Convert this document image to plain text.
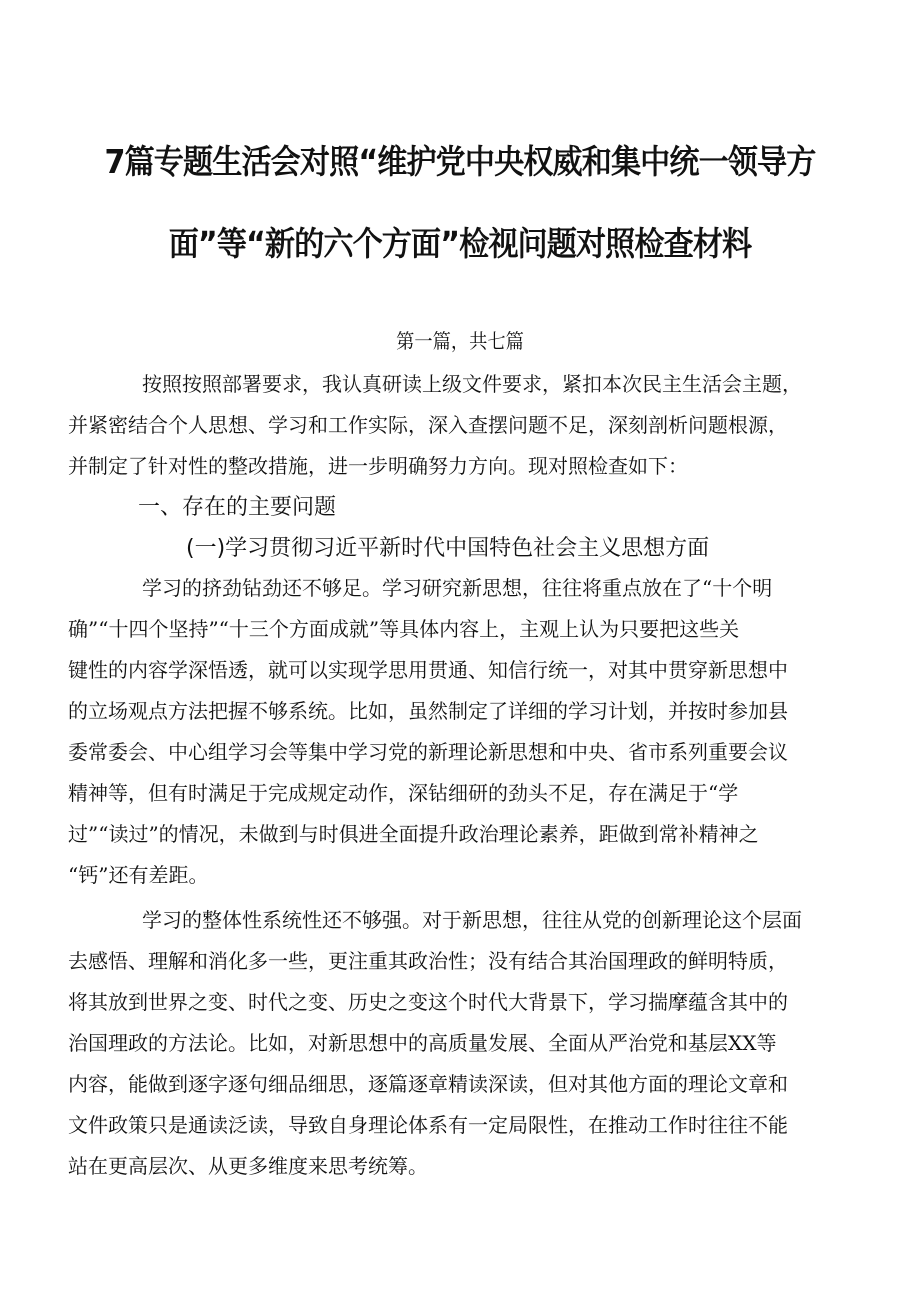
7篇专题生活会对照“维护党中央权威和集中统一领导方
面”等“新的六个方面”检视问题对照检查材料
第一篇，共七篇
按照按照部署要求，我认真研读上级文件要求，紧扣本次民主生活会主题，
并紧密结合个人思想、学习和工作实际，深入查摆问题不足，深刻剖析问题根源，
并制定了针对性的整改措施，进一步明确努力方向。现对照检查如下：
一、存在的主要问题
(一)学习贯彻习近平新时代中国特色社会主义思想方面
学习的挤劲钻劲还不够足。学习研究新思想，往往将重点放在了“十个明
确”“十四个坚持”“十三个方面成就”等具体内容上，主观上认为只要把这些关
键性的内容学深悟透，就可以实现学思用贯通、知信行统一，对其中贯穿新思想中
的立场观点方法把握不够系统。比如，虽然制定了详细的学习计划，并按时参加县
委常委会、中心组学习会等集中学习党的新理论新思想和中央、省市系列重要会议
精神等，但有时满足于完成规定动作，深钻细研的劲头不足，存在满足于“学
过”“读过”的情况，未做到与时俱进全面提升政治理论素养，距做到常补精神之
“钙”还有差距。
学习的整体性系统性还不够强。对于新思想，往往从党的创新理论这个层面
去感悟、理解和消化多一些，更注重其政治性；没有结合其治国理政的鲜明特质，
将其放到世界之变、时代之变、历史之变这个时代大背景下，学习揣摩蕴含其中的
治国理政的方法论。比如，对新思想中的高质量发展、全面从严治党和基层XX等
内容，能做到逐字逐句细品细思，逐篇逐章精读深读，但对其他方面的理论文章和
文件政策只是通读泛读，导致自身理论体系有一定局限性，在推动工作时往往不能
站在更高层次、从更多维度来思考统筹。
